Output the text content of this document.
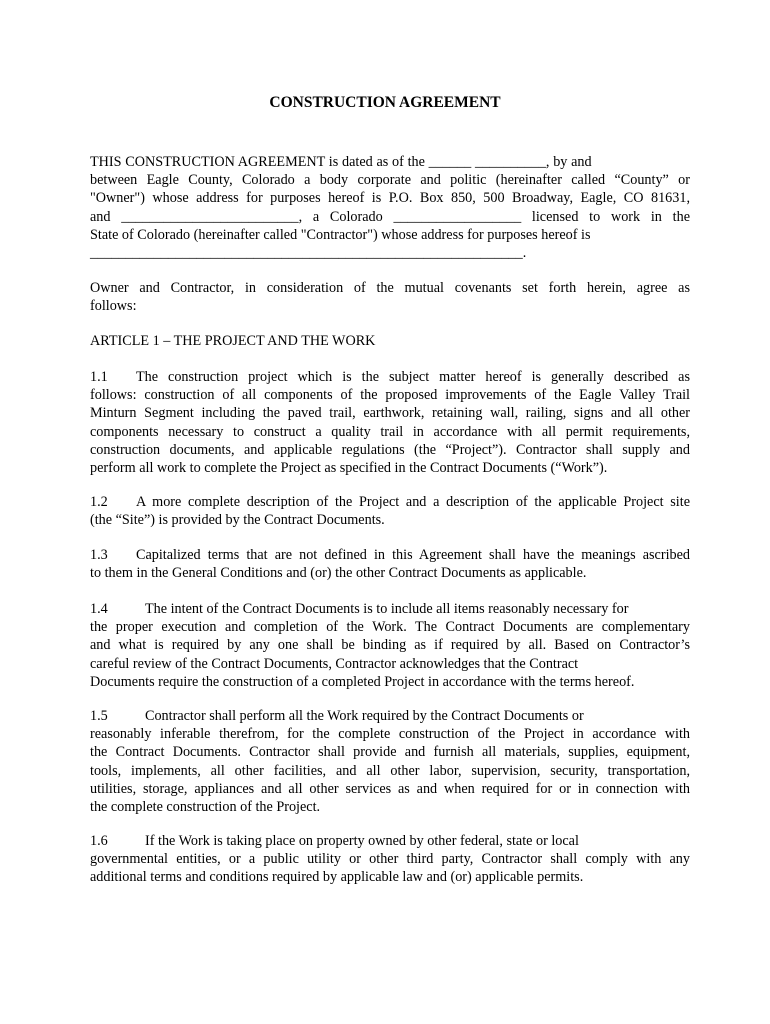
CONSTRUCTION AGREEMENT
THIS CONSTRUCTION AGREEMENT is dated as of the ______ __________, by and
between Eagle County, Colorado a body corporate and politic (hereinafter called “County” or
"Owner") whose address for purposes hereof is P.O. Box 850, 500 Broadway, Eagle, CO 81631,
and _________________________, a Colorado __________________ licensed to work in the
State of Colorado (hereinafter called "Contractor") whose address for purposes hereof is
_____________________________________________________________.
Owner and Contractor, in consideration of the mutual covenants set forth herein, agree as
follows:
ARTICLE 1 – THE PROJECT AND THE WORK
1.1 The construction project which is the subject matter hereof is generally described as
follows: construction of all components of the proposed improvements of the Eagle Valley Trail
Minturn Segment including the paved trail, earthwork, retaining wall, railing, signs and all other
components necessary to construct a quality trail in accordance with all permit requirements,
construction documents, and applicable regulations (the “Project”). Contractor shall supply and
perform all work to complete the Project as specified in the Contract Documents (“Work”).
1.2 A more complete description of the Project and a description of the applicable Project site
(the “Site”) is provided by the Contract Documents.
1.3 Capitalized terms that are not defined in this Agreement shall have the meanings ascribed
to them in the General Conditions and (or) the other Contract Documents as applicable.
1.4	The intent of the Contract Documents is to include all items reasonably necessary for
the proper execution and completion of the Work. The Contract Documents are complementary
and what is required by any one shall be binding as if required by all. Based on Contractor’s
careful review of the Contract Documents, Contractor acknowledges that the Contract
Documents require the construction of a completed Project in accordance with the terms hereof.
1.5	Contractor shall perform all the Work required by the Contract Documents or
reasonably inferable therefrom, for the complete construction of the Project in accordance with
the Contract Documents. Contractor shall provide and furnish all materials, supplies, equipment,
tools, implements, all other facilities, and all other labor, supervision, security, transportation,
utilities, storage, appliances and all other services as and when required for or in connection with
the complete construction of the Project.
1.6	If the Work is taking place on property owned by other federal, state or local
governmental entities, or a public utility or other third party, Contractor shall comply with any
additional terms and conditions required by applicable law and (or) applicable permits.
